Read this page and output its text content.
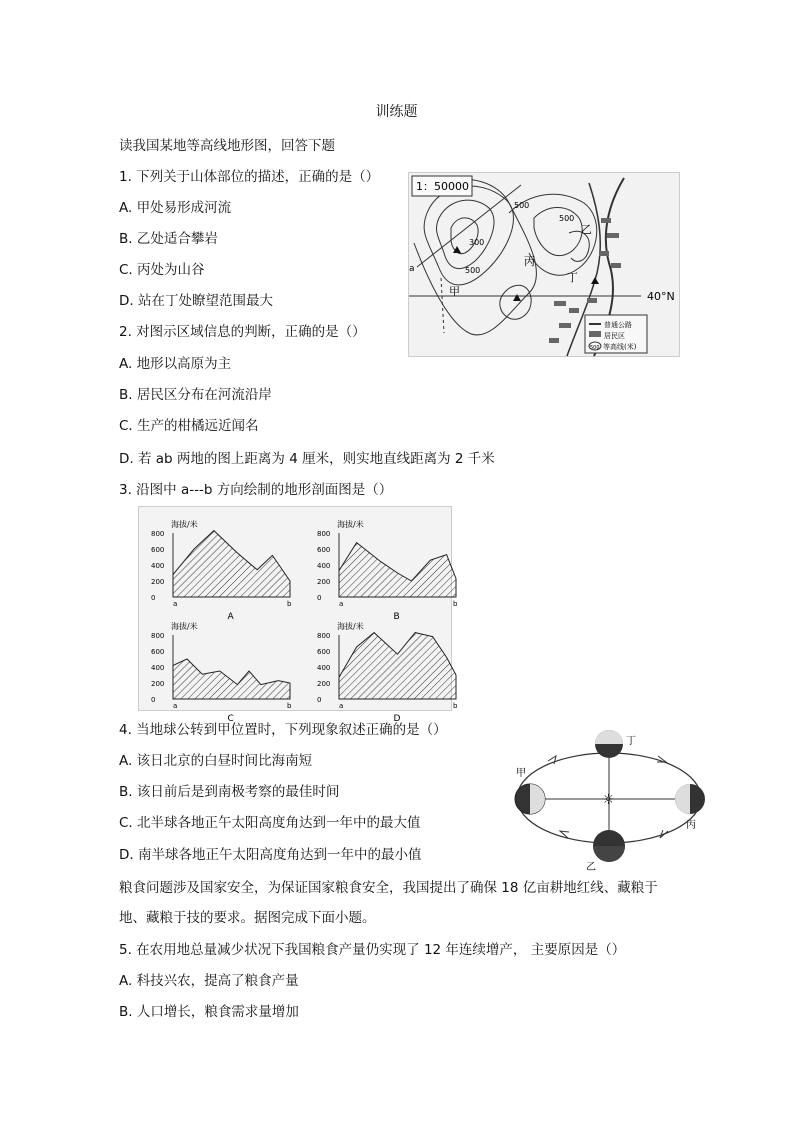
训练题
读我国某地等高线地形图，回答下题
1. 下列关于山体部位的描述，正确的是（）
A. 甲处易形成河流
B. 乙处适合攀岩
C. 丙处为山谷
D. 站在丁处瞭望范围最大
2. 对图示区域信息的判断，正确的是（）
A. 地形以高原为主
B. 居民区分布在河流沿岸
C. 生产的柑橘远近闻名
D. 若 ab 两地的图上距离为 4 厘米，则实地直线距离为 2 千米
3. 沿图中 a---b 方向绘制的地形剖面图是（）
1：50000
500
500
300
500
甲
乙
丙
丁
a
40°N
普通公路
居民区
500 等高线(米)
海拔/米
800
600
400
200
0
a	b
A
海拔/米
800
600
400
200
0
a	b
B
海拔/米
800
600
400
200
0
a	b
C
海拔/米
800
600
400
200
0
a	b
D
4. 当地球公转到甲位置时，下列现象叙述正确的是（）
A. 该日北京的白昼时间比海南短
B. 该日前后是到南极考察的最佳时间
C. 北半球各地正午太阳高度角达到一年中的最大值
D. 南半球各地正午太阳高度角达到一年中的最小值
☼
甲
丁
丙
乙
粮食问题涉及国家安全，为保证国家粮食安全，我国提出了确保 18 亿亩耕地红线、藏粮于
地、藏粮于技的要求。据图完成下面小题。
5. 在农用地总量减少状况下我国粮食产量仍实现了 12 年连续增产， 主要原因是（）
A. 科技兴农，提高了粮食产量
B. 人口增长，粮食需求量增加
